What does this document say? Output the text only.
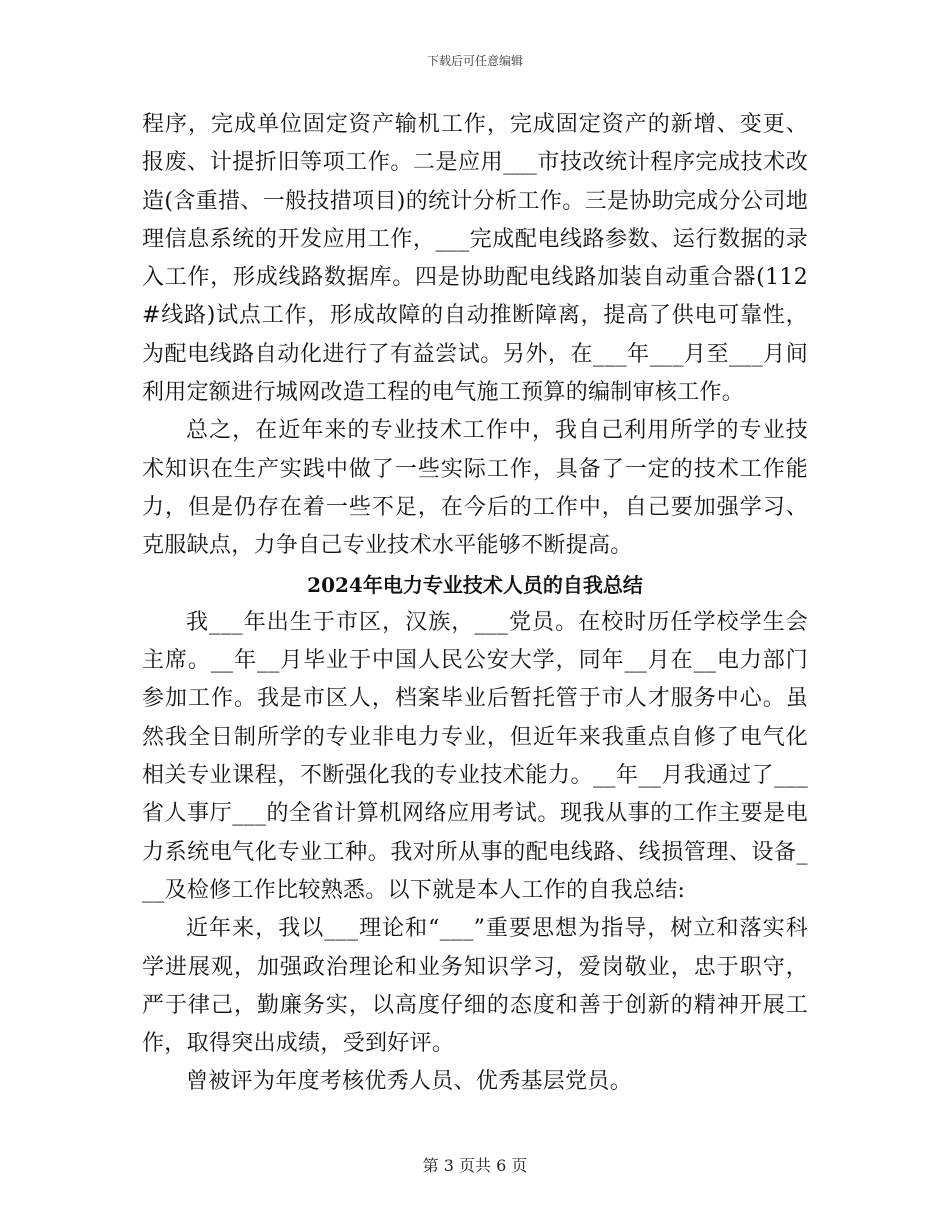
下载后可任意编辑

程序，完成单位固定资产输机工作，完成固定资产的新增、变更、报废、计提折旧等项工作。二是应用___市技改统计程序完成技术改造(含重措、一般技措项目)的统计分析工作。三是协助完成分公司地理信息系统的开发应用工作，___完成配电线路参数、运行数据的录入工作，形成线路数据库。四是协助配电线路加装自动重合器(112#线路)试点工作，形成故障的自动推断障离，提高了供电可靠性，为配电线路自动化进行了有益尝试。另外，在___年___月至___月间利用定额进行城网改造工程的电气施工预算的编制审核工作。

总之，在近年来的专业技术工作中，我自己利用所学的专业技术知识在生产实践中做了一些实际工作，具备了一定的技术工作能力，但是仍存在着一些不足，在今后的工作中，自己要加强学习、克服缺点，力争自己专业技术水平能够不断提高。

2024年电力专业技术人员的自我总结

我___年出生于市区，汉族，___党员。在校时历任学校学生会主席。__年__月毕业于中国人民公安大学，同年__月在__电力部门参加工作。我是市区人，档案毕业后暂托管于市人才服务中心。虽然我全日制所学的专业非电力专业，但近年来我重点自修了电气化相关专业课程，不断强化我的专业技术能力。__年__月我通过了___省人事厅___的全省计算机网络应用考试。现我从事的工作主要是电力系统电气化专业工种。我对所从事的配电线路、线损管理、设备___及检修工作比较熟悉。以下就是本人工作的自我总结:

近年来，我以___理论和“___”重要思想为指导，树立和落实科学进展观，加强政治理论和业务知识学习，爱岗敬业，忠于职守，严于律己，勤廉务实，以高度仔细的态度和善于创新的精神开展工作，取得突出成绩，受到好评。

曾被评为年度考核优秀人员、优秀基层党员。

第 3 页共 6 页
